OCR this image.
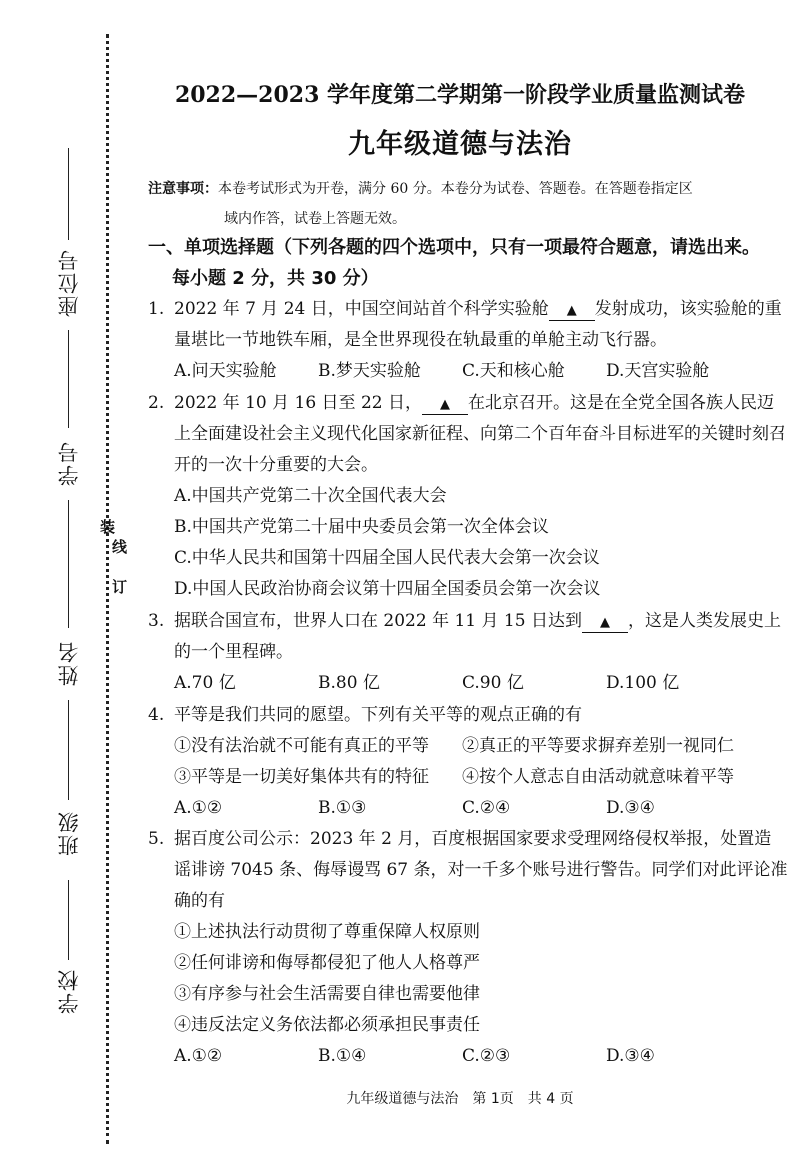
装
订
线
座位号
学号
姓名
班级
学校
2022—2023 学年度第二学期第一阶段学业质量监测试卷
九年级道德与法治
注意事项：本卷考试形式为开卷，满分 60 分。本卷分为试卷、答题卷。在答题卷指定区
域内作答，试卷上答题无效。
一、单项选择题（下列各题的四个选项中，只有一项最符合题意，请选出来。
每小题 2 分，共 30 分）
1. 2022 年 7 月 24 日，中国空间站首个科学实验舱 ▲ 发射成功，该实验舱的重量堪比一节地铁车厢，是全世界现役在轨最重的单舱主动飞行器。
A.问天实验舱	B.梦天实验舱	C.天和核心舱	D.天宫实验舱
2. 2022 年 10 月 16 日至 22 日， ▲ 在北京召开。这是在全党全国各族人民迈上全面建设社会主义现代化国家新征程、向第二个百年奋斗目标进军的关键时刻召开的一次十分重要的大会。
A.中国共产党第二十次全国代表大会
B.中国共产党第二十届中央委员会第一次全体会议
C.中华人民共和国第十四届全国人民代表大会第一次会议
D.中国人民政治协商会议第十四届全国委员会第一次会议
3. 据联合国宣布，世界人口在 2022 年 11 月 15 日达到 ▲ ，这是人类发展史上的一个里程碑。
A.70 亿	B.80 亿	C.90 亿	D.100 亿
4. 平等是我们共同的愿望。下列有关平等的观点正确的有
①没有法治就不可能有真正的平等	②真正的平等要求摒弃差别一视同仁
③平等是一切美好集体共有的特征	④按个人意志自由活动就意味着平等
A.①②	B.①③	C.②④	D.③④
5. 据百度公司公示：2023 年 2 月，百度根据国家要求受理网络侵权举报，处置造谣诽谤 7045 条、侮辱谩骂 67 条，对一千多个账号进行警告。同学们对此评论准确的有
①上述执法行动贯彻了尊重保障人权原则
②任何诽谤和侮辱都侵犯了他人人格尊严
③有序参与社会生活需要自律也需要他律
④违反法定义务依法都必须承担民事责任
A.①②	B.①④	C.②③	D.③④
九年级道德与法治　第 1页　共 4 页
